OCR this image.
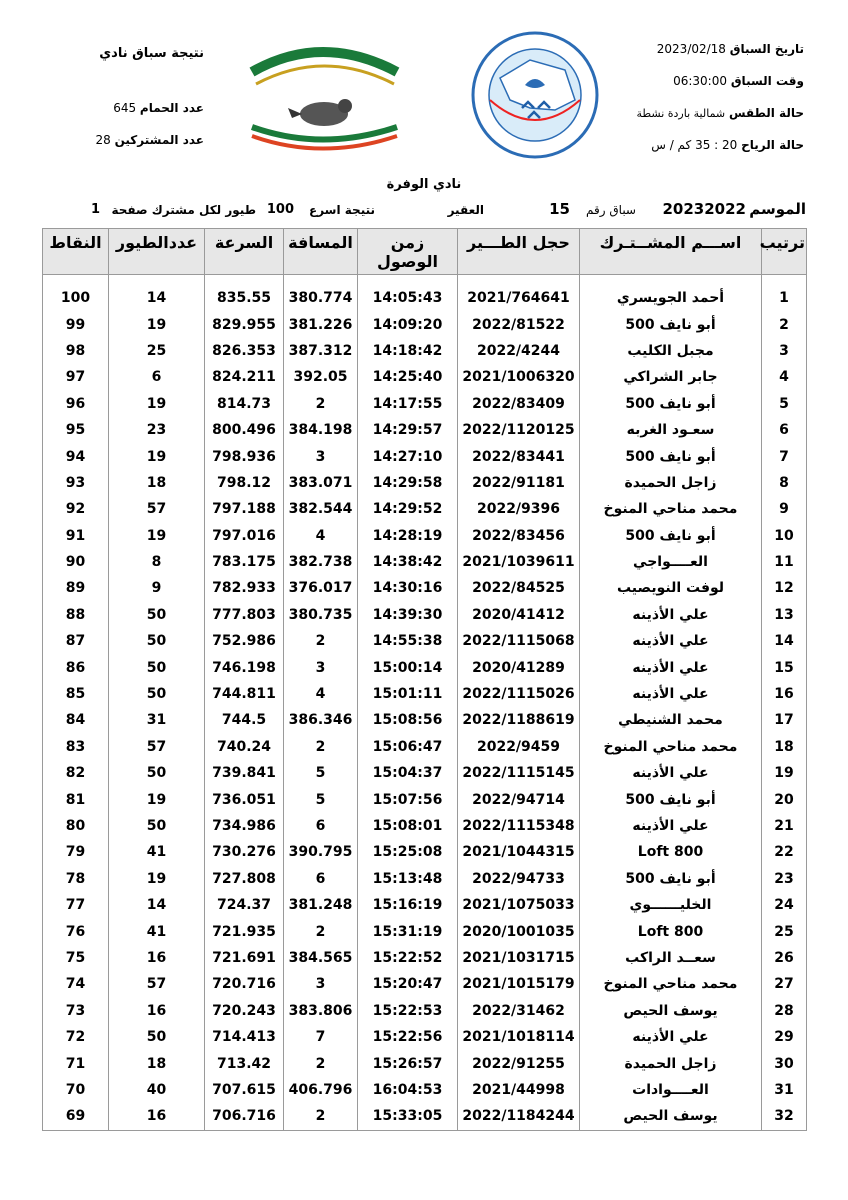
تاريخ السباق 2023/02/18
وقت السباق 06:30:00
حالة الطقس شمالية باردة نشطة
حالة الرياح 20 : 35 كم / س
نتيجة سباق نادي
عدد الحمام 645
عدد المشتركين 28
نادي الوفرة
الموسم
20232022
سباق رقم
15
العقير
نتيجة اسرع
100
طيور لكل مشترك صفحة
1
ترتيب	اســـم المشــتـرك	حجل الطـــير	زمن الوصول	المسافة	السرعة	عددالطيور	النقاط

1	أحمد الجويسري	2021/764641	14:05:43	380.774	835.55	14	100
2	أبو نايف 500	2022/81522	14:09:20	381.226	829.955	19	99
3	مجبل الكليب	2022/4244	14:18:42	387.312	826.353	25	98
4	جابر الشراكي	2021/1006320	14:25:40	392.05	824.211	6	97
5	أبو نايف 500	2022/83409	14:17:55	2	814.73	19	96
6	سعـود الغربه	2022/1120125	14:29:57	384.198	800.496	23	95
7	أبو نايف 500	2022/83441	14:27:10	3	798.936	19	94
8	زاجل الحميدة	2022/91181	14:29:58	383.071	798.12	18	93
9	محمد مناحي المنوخ	2022/9396	14:29:52	382.544	797.188	57	92
10	أبو نايف 500	2022/83456	14:28:19	4	797.016	19	91
11	العــــواجي	2021/1039611	14:38:42	382.738	783.175	8	90
12	لوفت النويصيب	2022/84525	14:30:16	376.017	782.933	9	89
13	علي الأذينه	2020/41412	14:39:30	380.735	777.803	50	88
14	علي الأذينه	2022/1115068	14:55:38	2	752.986	50	87
15	علي الأذينه	2020/41289	15:00:14	3	746.198	50	86
16	علي الأذينه	2022/1115026	15:01:11	4	744.811	50	85
17	محمد الشنيطي	2022/1188619	15:08:56	386.346	744.5	31	84
18	محمد مناحي المنوخ	2022/9459	15:06:47	2	740.24	57	83
19	علي الأذينه	2022/1115145	15:04:37	5	739.841	50	82
20	أبو نايف 500	2022/94714	15:07:56	5	736.051	19	81
21	علي الأذينه	2022/1115348	15:08:01	6	734.986	50	80
22	Loft 800	2021/1044315	15:25:08	390.795	730.276	41	79
23	أبو نايف 500	2022/94733	15:13:48	6	727.808	19	78
24	الخليــــــوي	2021/1075033	15:16:19	381.248	724.37	14	77
25	Loft 800	2020/1001035	15:31:19	2	721.935	41	76
26	سعــد الراكب	2021/1031715	15:22:52	384.565	721.691	16	75
27	محمد مناحي المنوخ	2021/1015179	15:20:47	3	720.716	57	74
28	يوسف الحيص	2022/31462	15:22:53	383.806	720.243	16	73
29	علي الأذينه	2021/1018114	15:22:56	7	714.413	50	72
30	زاجل الحميدة	2022/91255	15:26:57	2	713.42	18	71
31	العــــوادات	2021/44998	16:04:53	406.796	707.615	40	70
32	يوسف الحيص	2022/1184244	15:33:05	2	706.716	16	69
